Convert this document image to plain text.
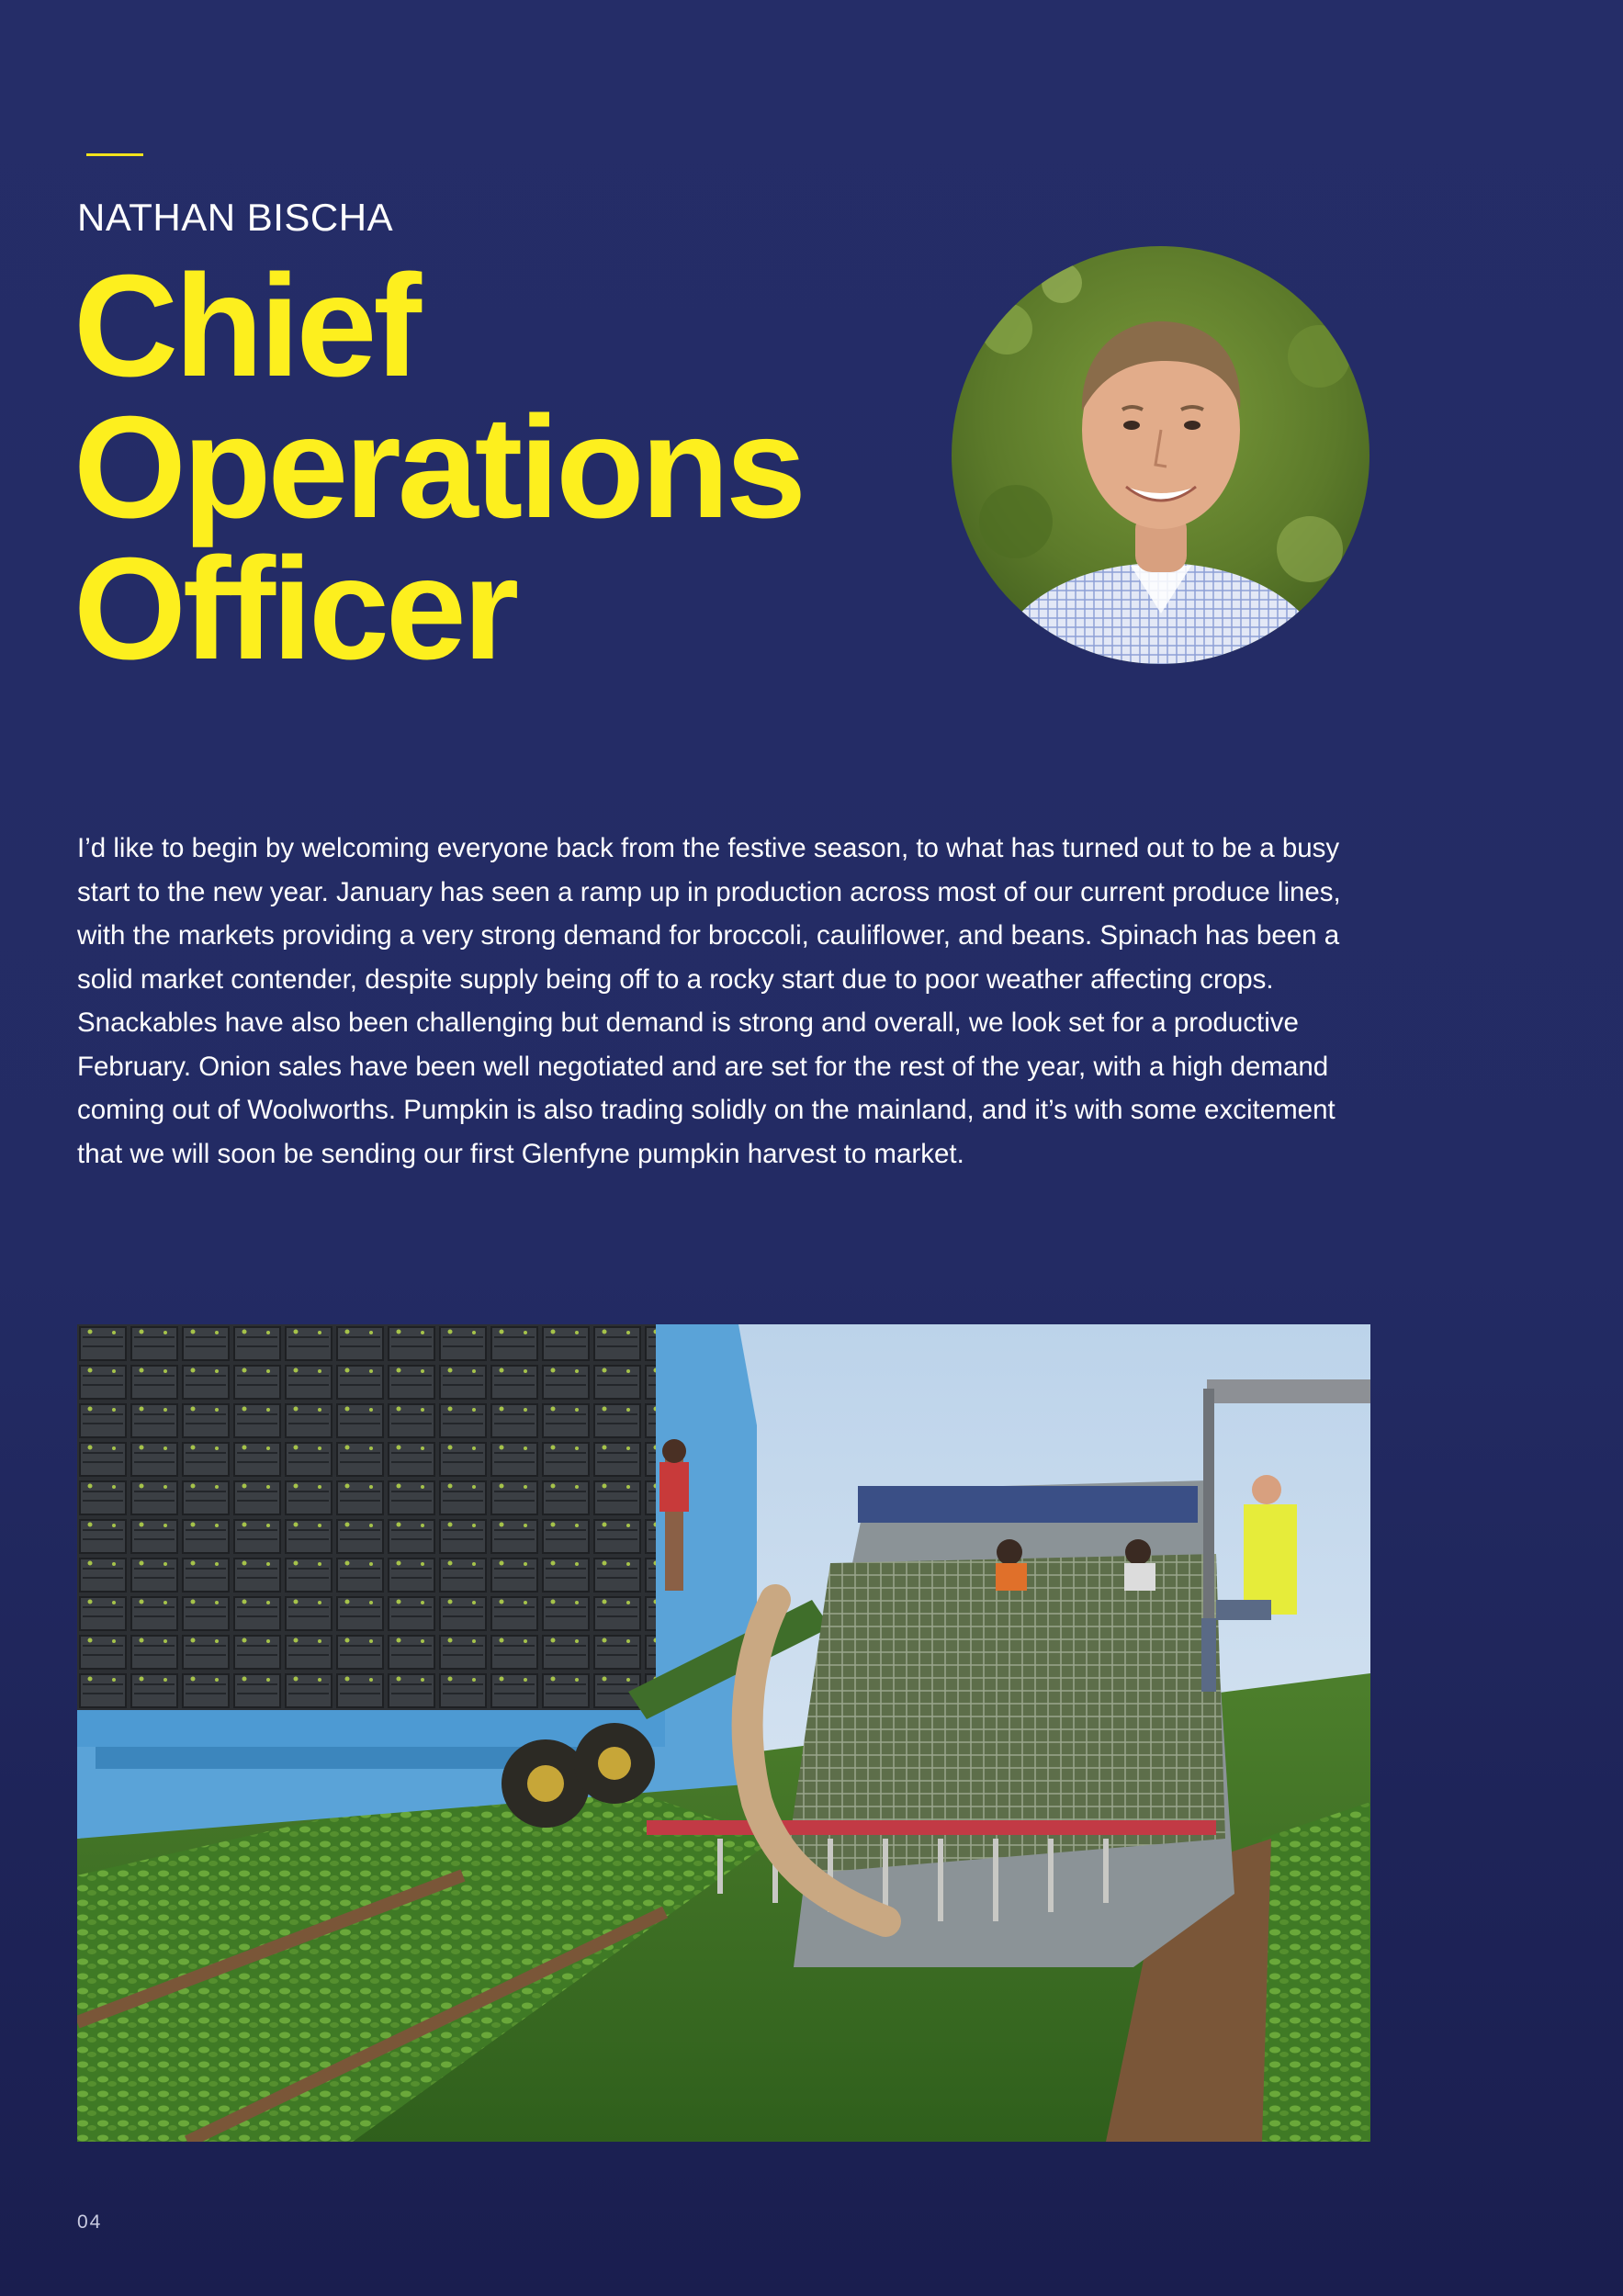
NATHAN BISCHA
Chief
Operations
Officer

I’d like to begin by welcoming everyone back from the festive season, to what has turned out to be a busy start to the new year. January has seen a ramp up in production across most of our current produce lines, with the markets providing a very strong demand for broccoli, cauliflower, and beans. Spinach has been a solid market contender, despite supply being off to a rocky start due to poor weather affecting crops. Snackables have also been challenging but demand is strong and overall, we look set for a productive February. Onion sales have been well negotiated and are set for the rest of the year, with a high demand coming out of Woolworths. Pumpkin is also trading solidly on the mainland, and it’s with some excitement that we will soon be sending our first Glenfyne pumpkin harvest to market.

04
